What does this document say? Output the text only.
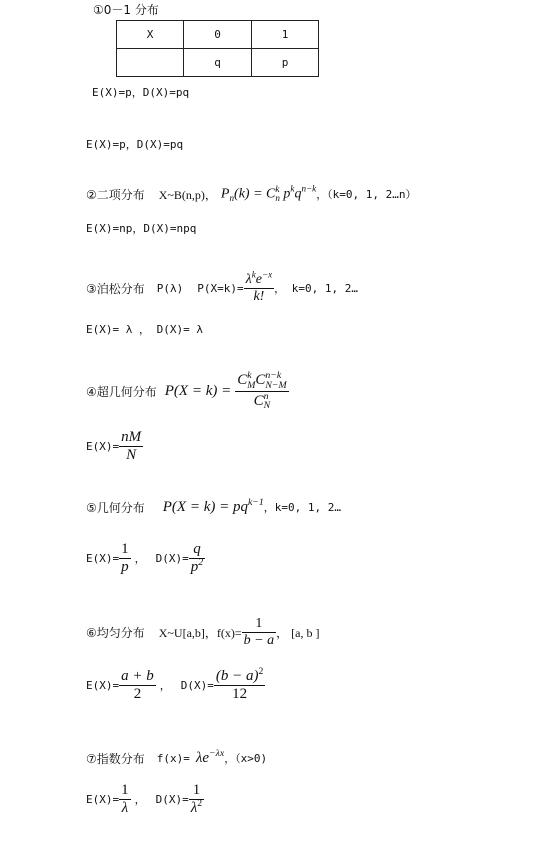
①0－1 分布
X	0	1
	q	p
E(X)=p，D(X)=pq
E(X)=p，D(X)=pq
②二项分布 X~B(n,p)， $P_n(k) = C$ k
n $p^kq^{n-k}$ ，（k=0, 1, 2…n）
E(X)=np，D(X)=npq
③泊松分布 P(λ) $P(X=k)= \frac{\lambda^ke^{-x}}{k!}$ ， k=0, 1, 2…
E(X)= λ ， D(X)= λ
④超几何分布 P(X = k) = C k
M C n−k
N−M
C n
N
$E(X)= \frac{nM}{N}$
⑤几何分布 $P(X = k) = pq^{k-1}$ ，k=0, 1, 2…
$E(X)= \frac{1}{p}$ ， $D(X)= \frac{q}{p^2}$
⑥均匀分布 X~U[a,b]，$f(x)= \frac{1}{b - a}$ ， [a, b ]
$E(X)= \frac{a + b}{2}$ ， $D(X)= \frac{(b - a)^2}{12}$
⑦指数分布 $f(x)= \lambda e^{-\lambda x}$ ，（x>0)
$E(X)= \frac{1}{\lambda}$ ， $D(X)= \frac{1}{\lambda^2}$
